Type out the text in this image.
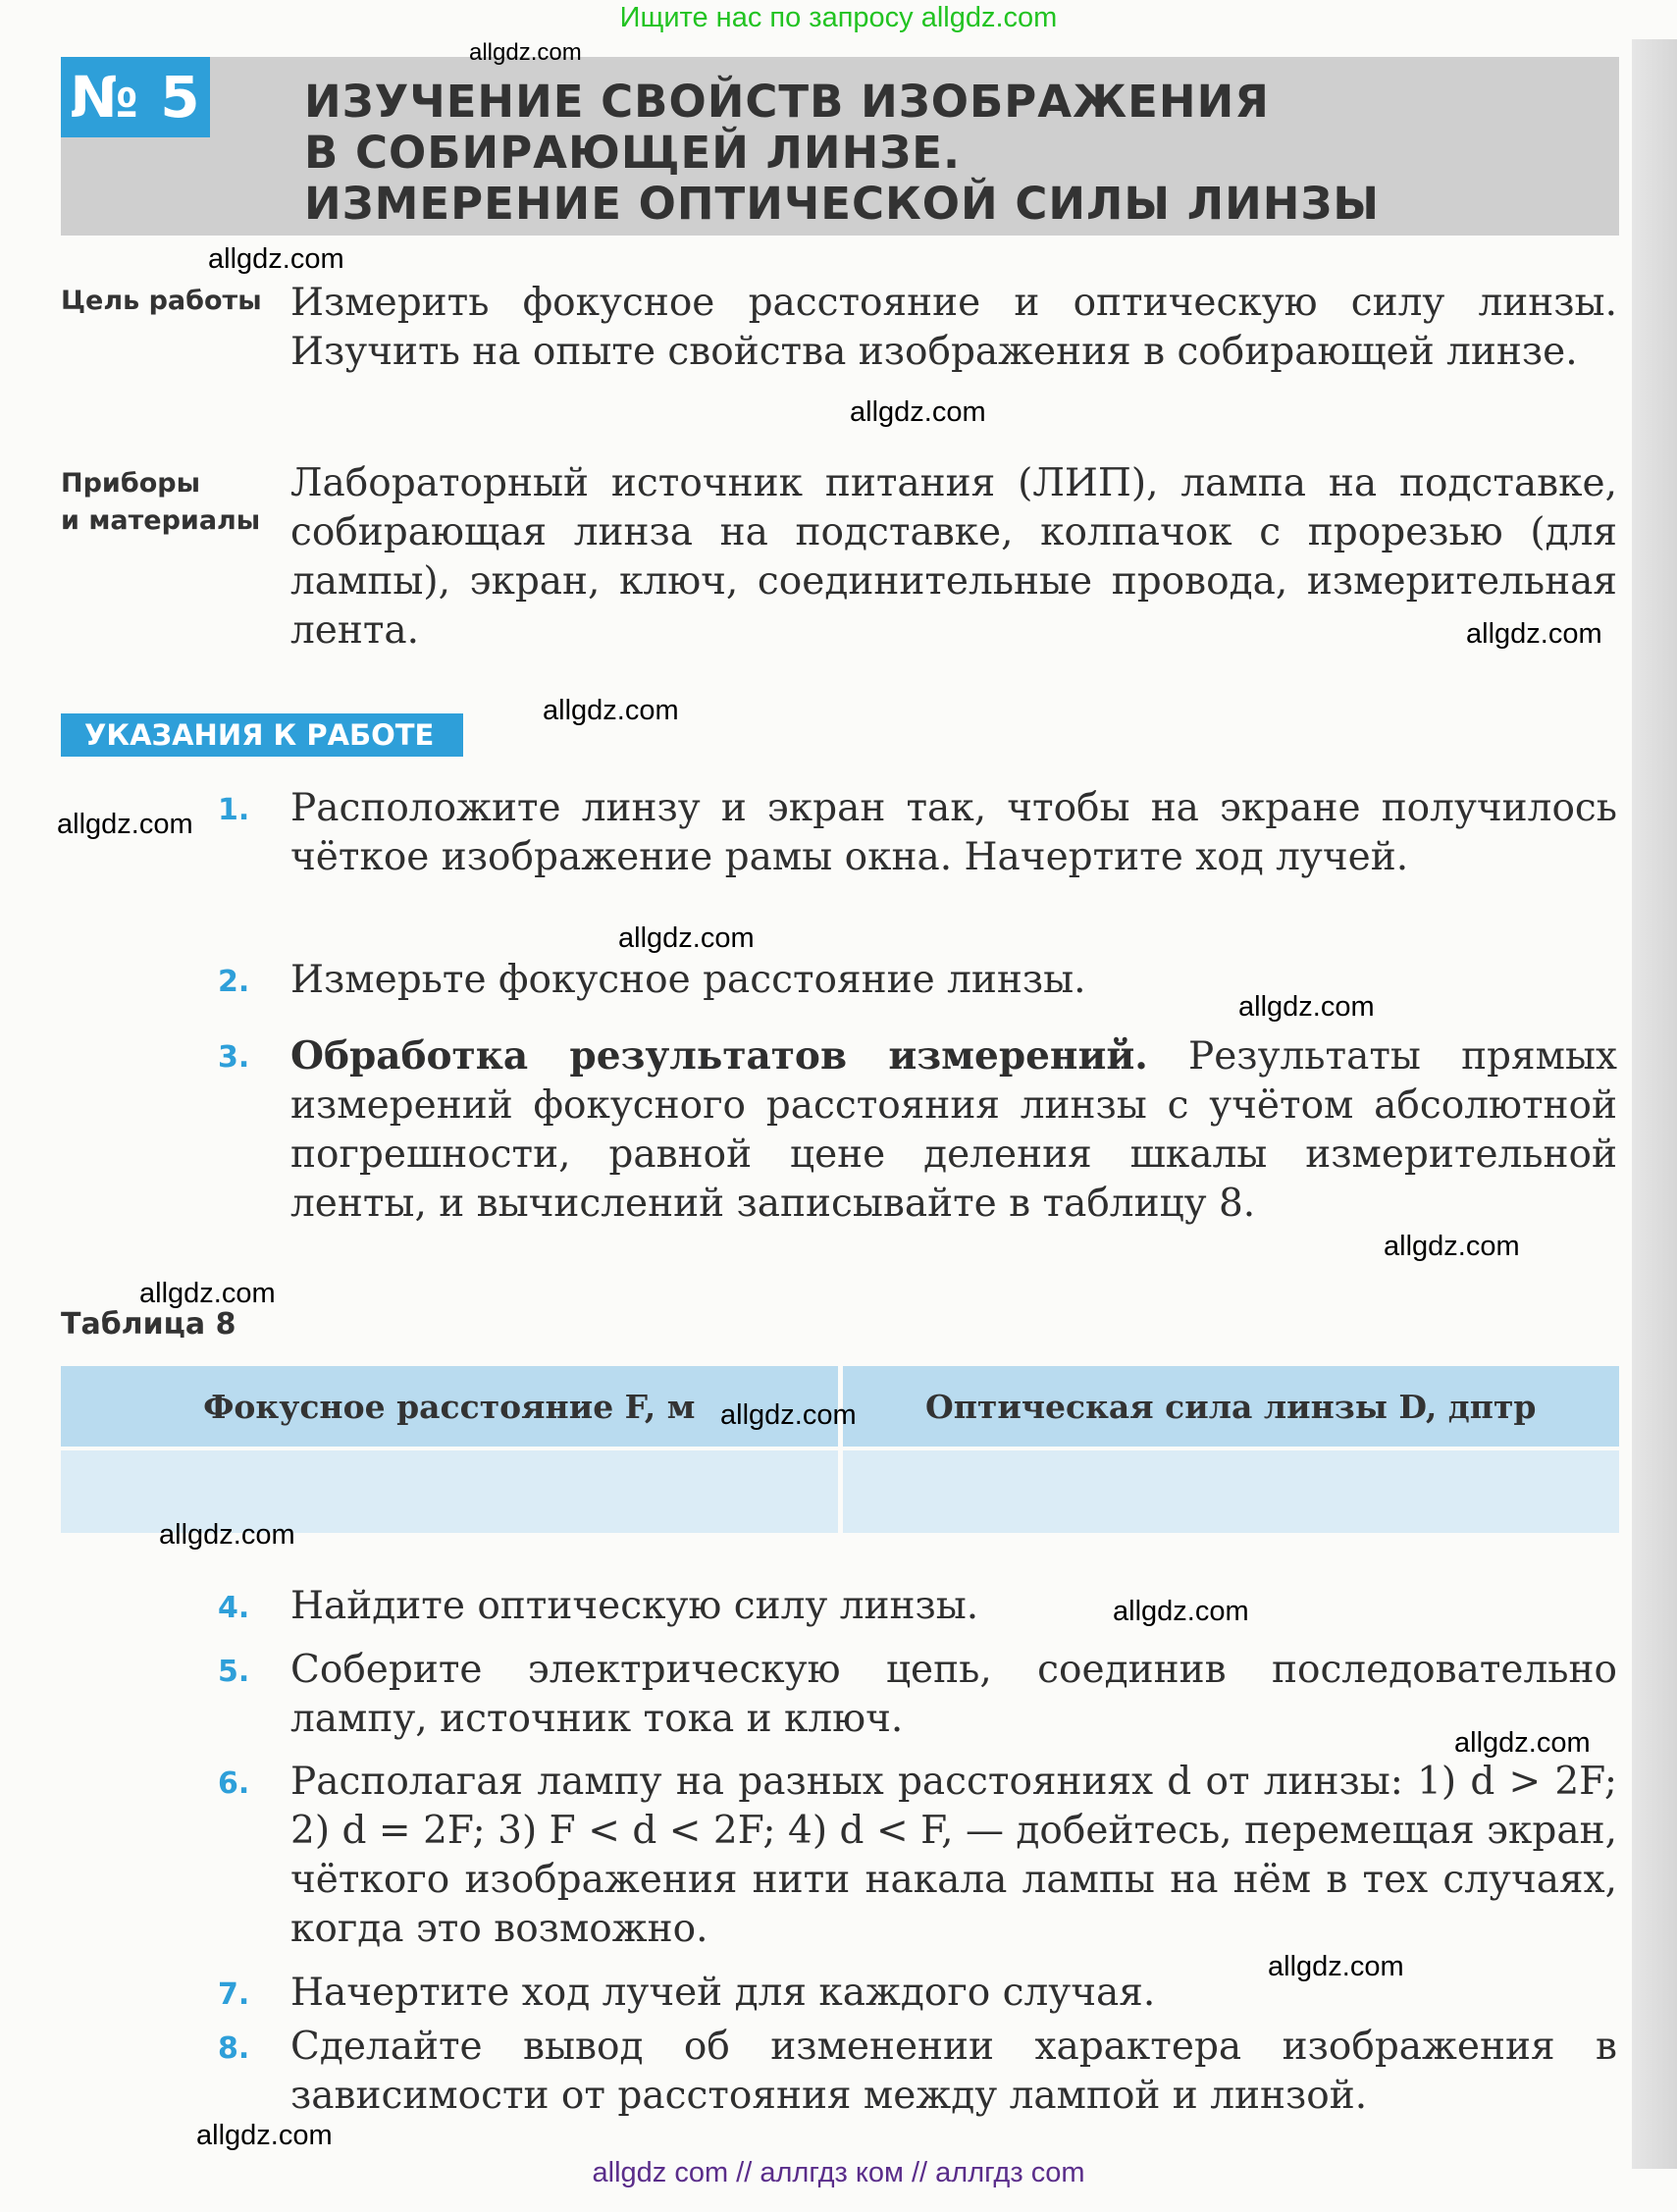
Ищите нас по запросу allgdz.com
№ 5 ИЗУЧЕНИЕ СВОЙСТВ ИЗОБРАЖЕНИЯ
В СОБИРАЮЩЕЙ ЛИНЗЕ.
ИЗМЕРЕНИЕ ОПТИЧЕСКОЙ СИЛЫ ЛИНЗЫ
Цель работы Измерить фокусное расстояние и оптическую силу линзы. Изучить на опыте свойства изображения в собирающей линзе.
Приборы
и материалы
Лабораторный источник питания (ЛИП), лампа на подставке, собирающая линза на подставке, колпачок с прорезью (для лампы), экран, ключ, соединительные провода, измерительная лента.
УКАЗАНИЯ К РАБОТЕ
1. Расположите линзу и экран так, чтобы на экране получилось чёткое изображение рамы окна. Начертите ход лучей.
2. Измерьте фокусное расстояние линзы.
3. Обработка результатов измерений. Результаты прямых измерений фокусного расстояния линзы с учётом абсолютной погрешности, равной цене деления шкалы измерительной ленты, и вычислений записывайте в таблицу 8.
Таблица 8
Фокусное расстояние F, м	Оптическая сила линзы D, дптр
4. Найдите оптическую силу линзы.
5. Соберите электрическую цепь, соединив последовательно лампу, источник тока и ключ.
6. Располагая лампу на разных расстояниях d от линзы: 1) d > 2F; 2) d = 2F; 3) F < d < 2F; 4) d < F, — добейтесь, перемещая экран, чёткого изображения нити накала лампы на нём в тех случаях, когда это возможно.
7. Начертите ход лучей для каждого случая.
8. Сделайте вывод об изменении характера изображения в зависимости от расстояния между лампой и линзой.
allgdz.com
allgdz.com
allgdz.com
allgdz.com
allgdz.com
allgdz.com
allgdz.com
allgdz.com
allgdz.com
allgdz.com
allgdz.com
allgdz.com
allgdz.com
allgdz.com
allgdz.com
allgdz.com
allgdz com // аллгдз ком // аллгдз com
